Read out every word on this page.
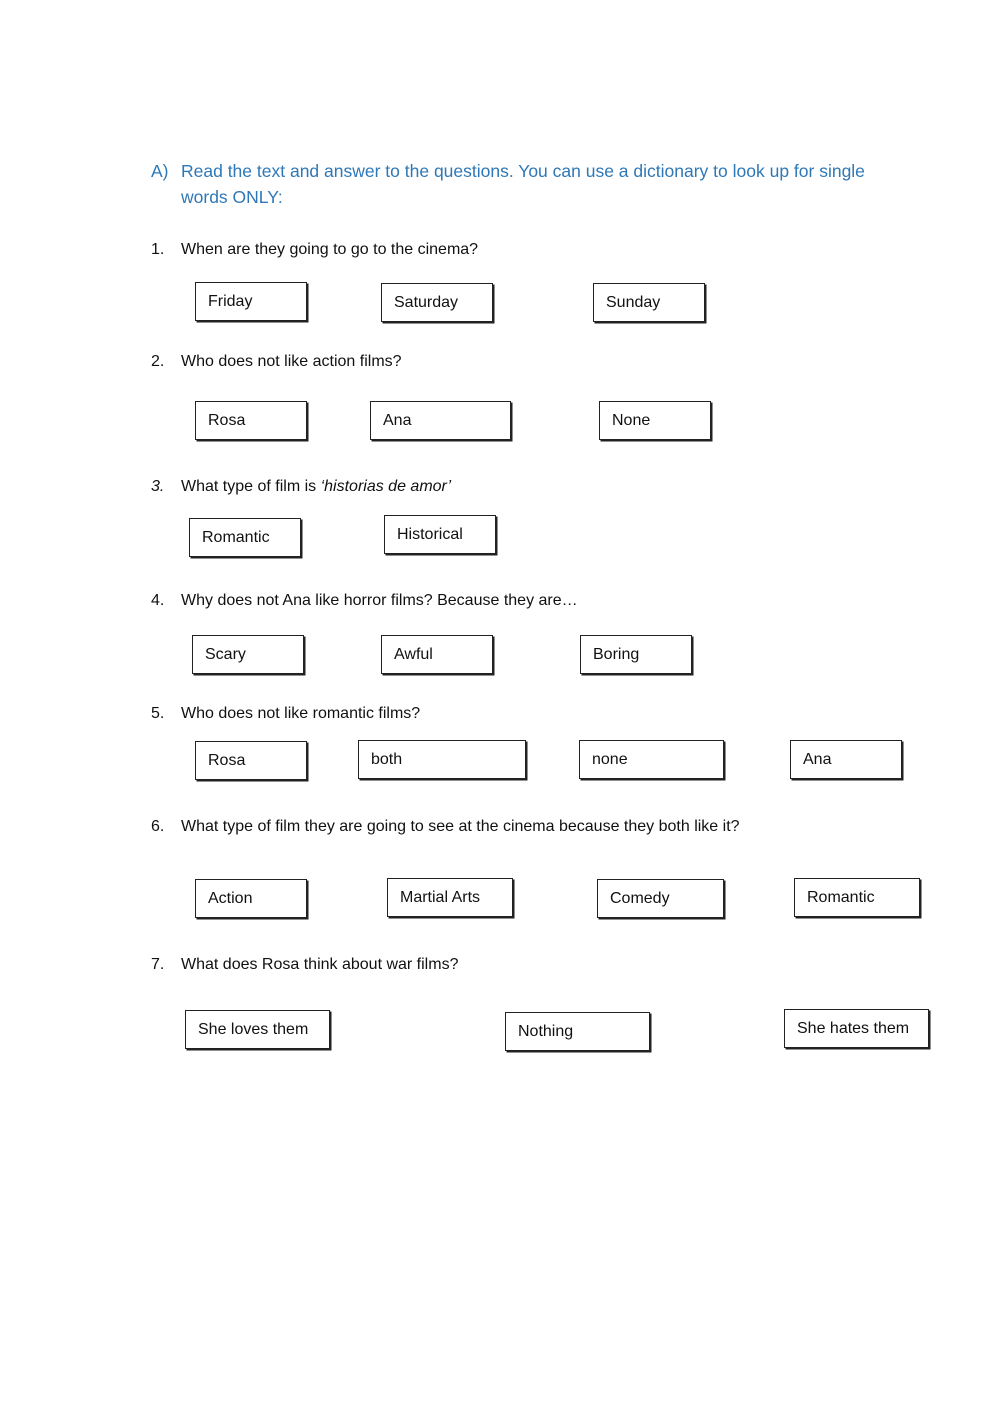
A) Read the text and answer to the questions. You can use a dictionary to look up for single words ONLY:
1. When are they going to go to the cinema?
Friday	Saturday	Sunday
2. Who does not like action films?
Rosa	Ana	None
3. What type of film is ‘historias de amor’
Romantic	Historical
4. Why does not Ana like horror films? Because they are…
Scary	Awful	Boring
5. Who does not like romantic films?
Rosa	both	none	Ana
6. What type of film they are going to see at the cinema because they both like it?
Action	Martial Arts	Comedy	Romantic
7. What does Rosa think about war films?
She loves them	Nothing	She hates them
